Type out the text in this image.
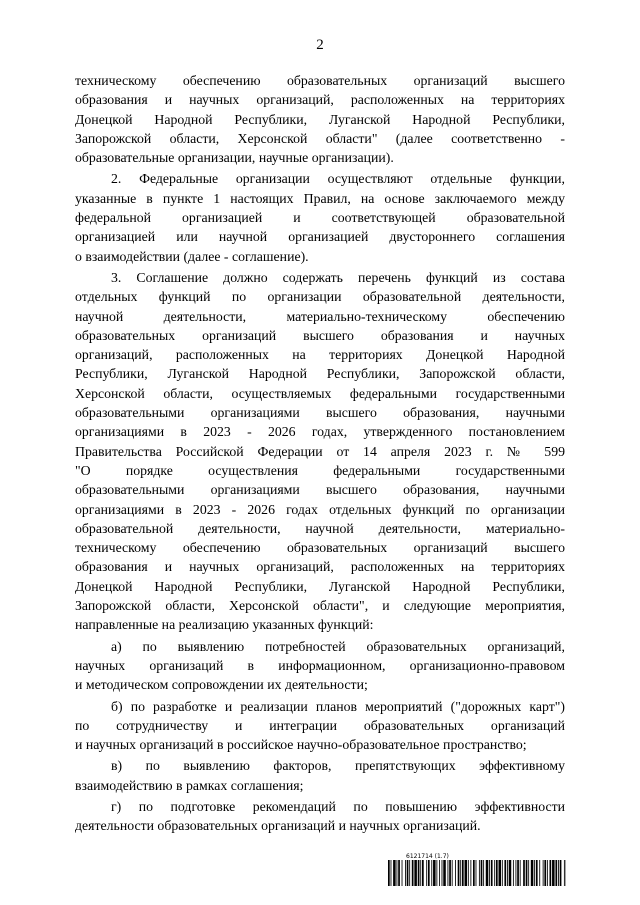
2
техническому обеспечению образовательных организаций высшего
образования и научных организаций, расположенных на территориях
Донецкой Народной Республики, Луганской Народной Республики,
Запорожской области, Херсонской области" (далее соответственно -
образовательные организации, научные организации).
2. Федеральные организации осуществляют отдельные функции,
указанные в пункте 1 настоящих Правил, на основе заключаемого между
федеральной организацией и соответствующей образовательной
организацией или научной организацией двустороннего соглашения
о взаимодействии (далее - соглашение).
3. Соглашение должно содержать перечень функций из состава
отдельных функций по организации образовательной деятельности,
научной деятельности, материально-техническому обеспечению
образовательных организаций высшего образования и научных
организаций, расположенных на территориях Донецкой Народной
Республики, Луганской Народной Республики, Запорожской области,
Херсонской области, осуществляемых федеральными государственными
образовательными организациями высшего образования, научными
организациями в 2023 - 2026 годах, утвержденного постановлением
Правительства Российской Федерации от 14 апреля 2023 г. № 599
"О порядке осуществления федеральными государственными
образовательными организациями высшего образования, научными
организациями в 2023 - 2026 годах отдельных функций по организации
образовательной деятельности, научной деятельности, материально-
техническому обеспечению образовательных организаций высшего
образования и научных организаций, расположенных на территориях
Донецкой Народной Республики, Луганской Народной Республики,
Запорожской области, Херсонской области", и следующие мероприятия,
направленные на реализацию указанных функций:
а) по выявлению потребностей образовательных организаций,
научных организаций в информационном, организационно-правовом
и методическом сопровождении их деятельности;
б) по разработке и реализации планов мероприятий ("дорожных карт")
по сотрудничеству и интеграции образовательных организаций
и научных организаций в российское научно-образовательное пространство;
в) по выявлению факторов, препятствующих эффективному
взаимодействию в рамках соглашения;
г) по подготовке рекомендаций по повышению эффективности
деятельности образовательных организаций и научных организаций.
6121714 (1.7)
